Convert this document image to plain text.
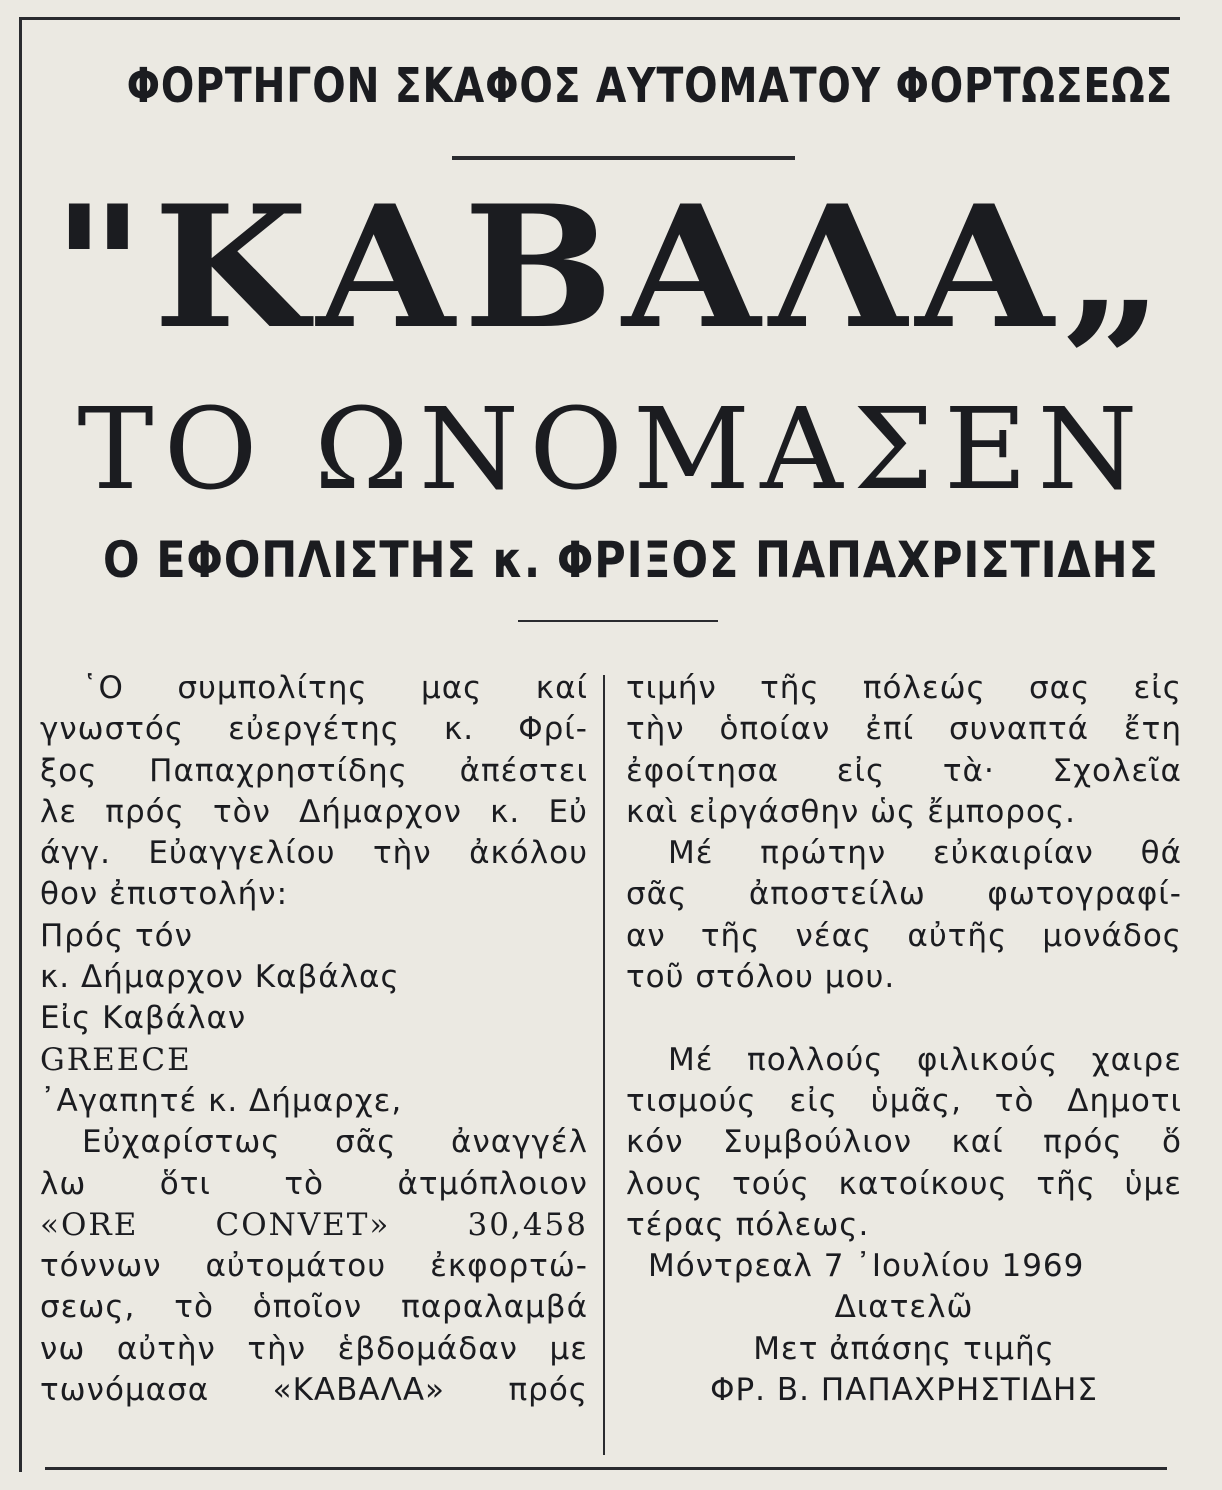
ΦΟΡΤΗΓΟΝ ΣΚΑΦΟΣ ΑΥΤΟΜΑΤΟΥ ΦΟΡΤΩΣΕΩΣ
"ΚΑΒΑΛΑ„
ΤΟ ΩΝΟΜΑΣΕΝ
Ο ΕΦΟΠΛΙΣΤΗΣ κ. ΦΡΙΞΟΣ ΠΑΠΑΧΡΙΣΤΙΔΗΣ
῾Ο συμπολίτης μας καί
γνωστός εὐεργέτης κ. Φρί-
ξος Παπαχρηστίδης ἀπέστει
λε πρός τὸν Δήμαρχον κ. Εὐ
άγγ. Εὐαγγελίου τὴν ἀκόλου
θον ἐπιστολήν:
Πρός τόν
κ. Δήμαρχον Καβάλας
Εἰς Καβάλαν
GREECE
᾿Αγαπητέ κ. Δήμαρχε,
Εὐχαρίστως σᾶς ἀναγγέλ
λω ὅτι τὸ ἀτμόπλοιον
«ORE CONVET» 30,458
τόννων αὐτομάτου ἐκφορτώ-
σεως, τὸ ὁποῖον παραλαμβά
νω αὐτὴν τὴν ἑβδομάδαν με
τωνόμασα «ΚΑΒΑΛΑ» πρός
τιμήν τῆς πόλεώς σας εἰς
τὴν ὁποίαν ἐπί συναπτά ἔτη
ἐφοίτησα εἰς τὰ· Σχολεῖα
καὶ εἰργάσθην ὡς ἔμπορος.
Μέ πρώτην εὐκαιρίαν θά
σᾶς ἀποστείλω φωτογραφί-
αν τῆς νέας αὐτῆς μονάδος
τοῦ στόλου μου.
Μέ πολλούς φιλικούς χαιρε
τισμούς εἰς ὑμᾶς, τὸ Δημοτι
κόν Συμβούλιον καί πρός ὅ
λους τούς κατοίκους τῆς ὑμε
τέρας πόλεως.
Μόντρεαλ 7 ᾿Ιουλίου 1969
Διατελῶ
Μετ ἀπάσης τιμῆς
ΦΡ. Β. ΠΑΠΑΧΡΗΣΤΙΔΗΣ
